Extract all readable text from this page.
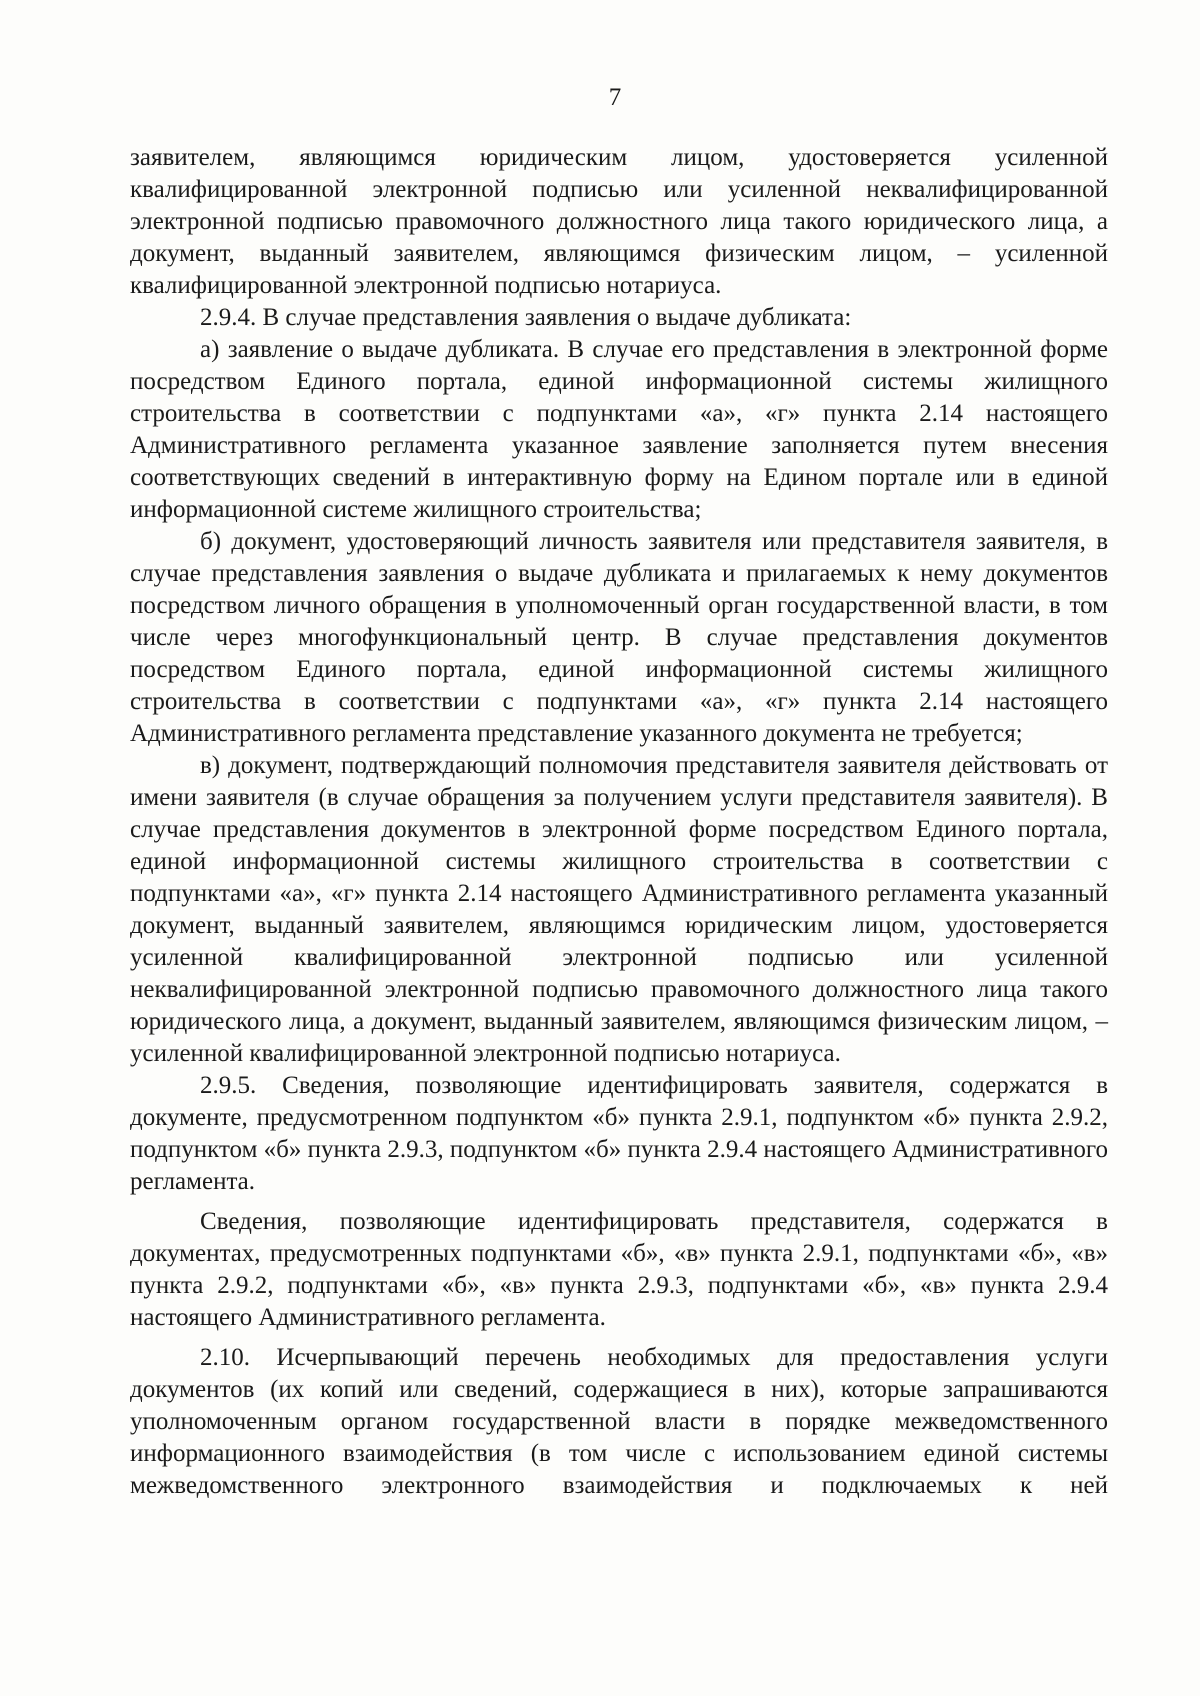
7

заявителем, являющимся юридическим лицом, удостоверяется усиленной квалифицированной электронной подписью или усиленной неквалифицированной электронной подписью правомочного должностного лица такого юридического лица, а документ, выданный заявителем, являющимся физическим лицом, – усиленной квалифицированной электронной подписью нотариуса.

2.9.4. В случае представления заявления о выдаче дубликата:

а) заявление о выдаче дубликата. В случае его представления в электронной форме посредством Единого портала, единой информационной системы жилищного строительства в соответствии с подпунктами «а», «г» пункта 2.14 настоящего Административного регламента указанное заявление заполняется путем внесения соответствующих сведений в интерактивную форму на Едином портале или в единой информационной системе жилищного строительства;

б) документ, удостоверяющий личность заявителя или представителя заявителя, в случае представления заявления о выдаче дубликата и прилагаемых к нему документов посредством личного обращения в уполномоченный орган государственной власти, в том числе через многофункциональный центр. В случае представления документов посредством Единого портала, единой информационной системы жилищного строительства в соответствии с подпунктами «а», «г» пункта 2.14 настоящего Административного регламента представление указанного документа не требуется;

в) документ, подтверждающий полномочия представителя заявителя действовать от имени заявителя (в случае обращения за получением услуги представителя заявителя). В случае представления документов в электронной форме посредством Единого портала, единой информационной системы жилищного строительства в соответствии с подпунктами «а», «г» пункта 2.14 настоящего Административного регламента указанный документ, выданный заявителем, являющимся юридическим лицом, удостоверяется усиленной квалифицированной электронной подписью или усиленной неквалифицированной электронной подписью правомочного должностного лица такого юридического лица, а документ, выданный заявителем, являющимся физическим лицом, – усиленной квалифицированной электронной подписью нотариуса.

2.9.5. Сведения, позволяющие идентифицировать заявителя, содержатся в документе, предусмотренном подпунктом «б» пункта 2.9.1, подпунктом «б» пункта 2.9.2, подпунктом «б» пункта 2.9.3, подпунктом «б» пункта 2.9.4 настоящего Административного регламента.

Сведения, позволяющие идентифицировать представителя, содержатся в документах, предусмотренных подпунктами «б», «в» пункта 2.9.1, подпунктами «б», «в» пункта 2.9.2, подпунктами «б», «в» пункта 2.9.3, подпунктами «б», «в» пункта 2.9.4 настоящего Административного регламента.

2.10. Исчерпывающий перечень необходимых для предоставления услуги документов (их копий или сведений, содержащиеся в них), которые запрашиваются уполномоченным органом государственной власти в порядке межведомственного информационного взаимодействия (в том числе с использованием единой системы межведомственного электронного взаимодействия и подключаемых к ней
